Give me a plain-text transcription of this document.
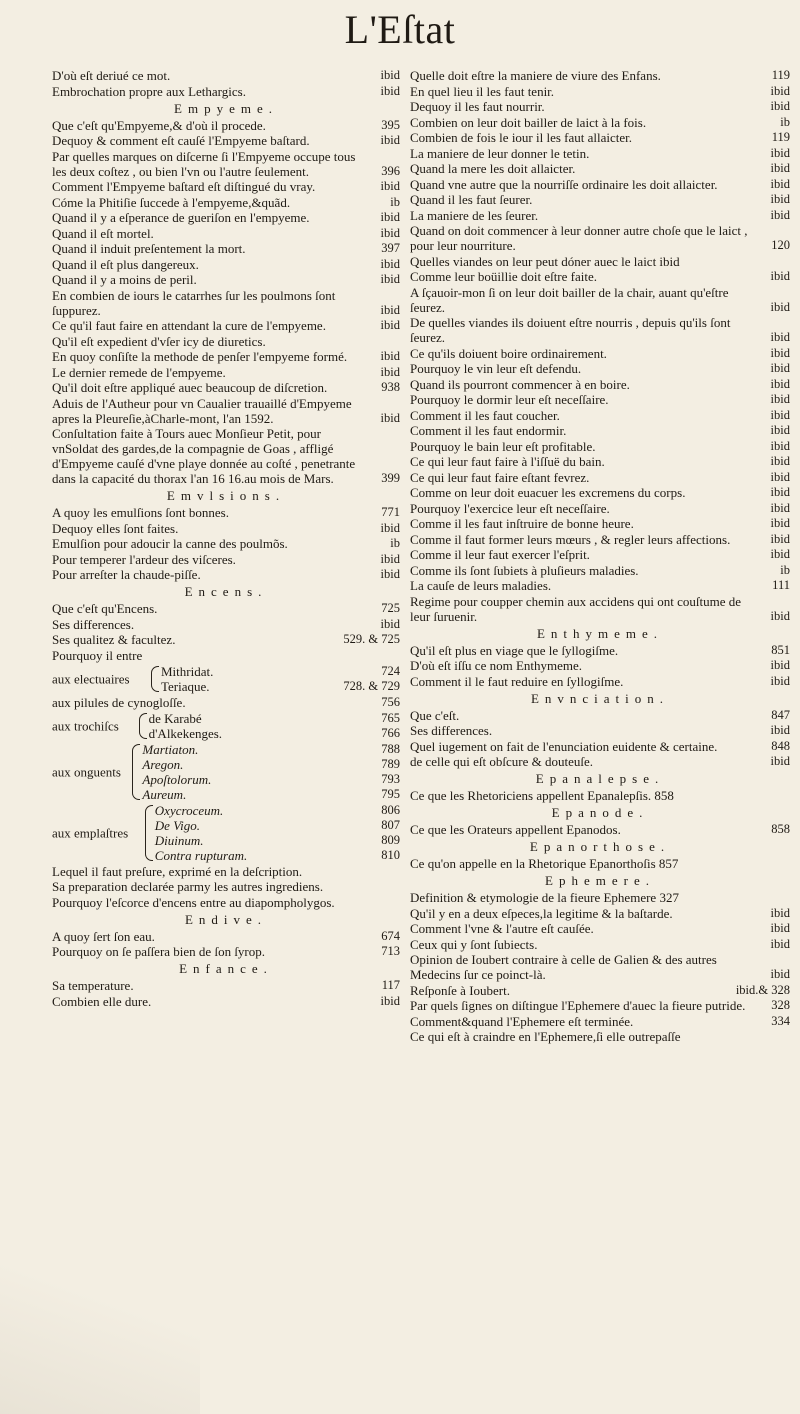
L'Eſtat
D'où eſt deriué ce mot.	ibid
Embrochation propre aux Lethargics.	ibid
Empyeme.
Que c'eſt qu'Empyeme,& d'où il procede.	395
Dequoy & comment eſt cauſé l'Empyeme baſtard.	ibid
Par quelles marques on diſcerne ſi l'Empyeme occupe tous les deux coſtez , ou bien l'vn ou l'autre ſeulement.	396
Comment l'Empyeme baſtard eſt diſtingué du vray.	ibid
Cóme la Phitiſie ſuccede à l'empyeme,&quãd.	ib
Quand il y a eſperance de gueriſon en l'empyeme.	ibid
Quand il eſt mortel.	ibid
Quand il induit preſentement la mort.	397
Quand il eſt plus dangereux.	ibid
Quand il y a moins de peril.	ibid
En combien de iours le catarrhes ſur les poulmons ſont ſuppurez.	ibid
Ce qu'il faut faire en attendant la cure de l'empyeme.	ibid
Qu'il eſt expedient d'vſer icy de diuretics.
En quoy conſiſte la methode de penſer l'empyeme formé.	ibid
Le dernier remede de l'empyeme.	ibid
Qu'il doit eſtre appliqué auec beaucoup de diſcretion.	938
Aduis de l'Autheur pour vn Caualier trauaillé d'Empyeme apres la Pleureſie,àCharle-mont, l'an 1592.	ibid
Conſultation faite à Tours auec Monſieur Petit, pour vnSoldat des gardes,de la compagnie de Goas , affligé d'Empyeme cauſé d'vne playe donnée au coſté , penetrante dans la capacité du thorax l'an 16 16.au mois de Mars.	399
Emvlsions.
A quoy les emulſions ſont bonnes.	771
Dequoy elles ſont faites.	ibid
Emulſion pour adoucir la canne des poulmõs.	ib
Pour temperer l'ardeur des viſceres.	ibid
Pour arreſter la chaude-piſſe.	ibid
Encens.
Que c'eſt qu'Encens.	725
Ses differences.	ibid
Ses qualitez & facultez.	529. & 725
Pourquoy il entre
aux electuaires Mithridat.	724
Teriaque.	728. & 729
aux pilules de cynogloſſe.	756
aux trochiſcs de Karabé	765
d'Alkekenges.	766
aux onguents
Martiaton.	788
Aregon.	789
Apoſtolorum.	793
Aureum.	795
aux emplaſtres
Oxycroceum.	806
De Vigo.	807
Diuinum.	809
Contra rupturam.	810
Lequel il faut preſure, exprimé en la deſcription.
Sa preparation declarée parmy les autres ingrediens.
Pourquoy l'eſcorce d'encens entre au diapompholygos.
Endive.
A quoy ſert ſon eau.	674
Pourquoy on ſe paſſera bien de ſon ſyrop.	713
Enfance.
Sa temperature.	117
Combien elle dure.	ibid
Quelle doit eſtre la maniere de viure des Enfans.	119
En quel lieu il les faut tenir.	ibid
Dequoy il les faut nourrir.	ibid
Combien on leur doit bailler de laict à la fois.	ib
Combien de fois le iour il les faut allaicter.	119
La maniere de leur donner le tetin.	ibid
Quand la mere les doit allaicter.	ibid
Quand vne autre que la nourriſſe ordinaire les doit allaicter.	ibid
Quand il les faut ſeurer.	ibid
La maniere de les ſeurer.	ibid
Quand on doit commencer à leur donner autre choſe que le laict , pour leur nourriture.	120
Quelles viandes on leur peut dóner auec le laict ibid
Comme leur boüillie doit eſtre faite.	ibid
A ſçauoir-mon ſi on leur doit bailler de la chair, auant qu'eſtre ſeurez.	ibid
De quelles viandes ils doiuent eſtre nourris , depuis qu'ils ſont ſeurez.	ibid
Ce qu'ils doiuent boire ordinairement.	ibid
Pourquoy le vin leur eſt defendu.	ibid
Quand ils pourront commencer à en boire.	ibid
Pourquoy le dormir leur eſt neceſſaire.	ibid
Comment il les faut coucher.	ibid
Comment il les faut endormir.	ibid
Pourquoy le bain leur eſt profitable.	ibid
Ce qui leur faut faire à l'iſſuë du bain.	ibid
Ce qui leur faut faire eſtant fevrez.	ibid
Comme on leur doit euacuer les excremens du corps.	ibid
Pourquoy l'exercice leur eſt neceſſaire.	ibid
Comme il les faut inſtruire de bonne heure.	ibid
Comme il faut former leurs mœurs , & regler leurs affections.	ibid
Comme il leur faut exercer l'eſprit.	ibid
Comme ils ſont ſubiets à pluſieurs maladies.	ib
La cauſe de leurs maladies.	111
Regime pour coupper chemin aux accidens qui ont couſtume de leur ſuruenir.	ibid
Enthymeme.
Qu'il eſt plus en viage que le ſyllogiſme.	851
D'où eſt iſſu ce nom Enthymeme.	ibid
Comment il le faut reduire en ſyllogiſme.	ibid
Envnciation.
Que c'eſt.	847
Ses differences.	ibid
Quel iugement on fait de l'enunciation euidente & certaine.	848
de celle qui eſt obſcure & douteuſe.	ibid
Epanalepse.
Ce que les Rhetoriciens appellent Epanalepſis. 858
Epanode.
Ce que les Orateurs appellent Epanodos.	858
Epanorthose.
Ce qu'on appelle en la Rhetorique Epanorthoſis 857
Ephemere.
Definition & etymologie de la fieure Ephemere 327
Qu'il y en a deux eſpeces,la legitime & la baſtarde.	ibid
Comment l'vne & l'autre eſt cauſée.	ibid
Ceux qui y ſont ſubiects.	ibid
Opinion de Ioubert contraire à celle de Galien & des autres Medecins ſur ce poinct-là.	ibid
Reſponſe à Ioubert.	ibid.& 328
Par quels ſignes on diſtingue l'Ephemere d'auec la fieure putride. 328
Comment&quand l'Ephemere eſt terminée.	334
Ce qui eſt à craindre en l'Ephemere,ſi elle outrepaſſe
